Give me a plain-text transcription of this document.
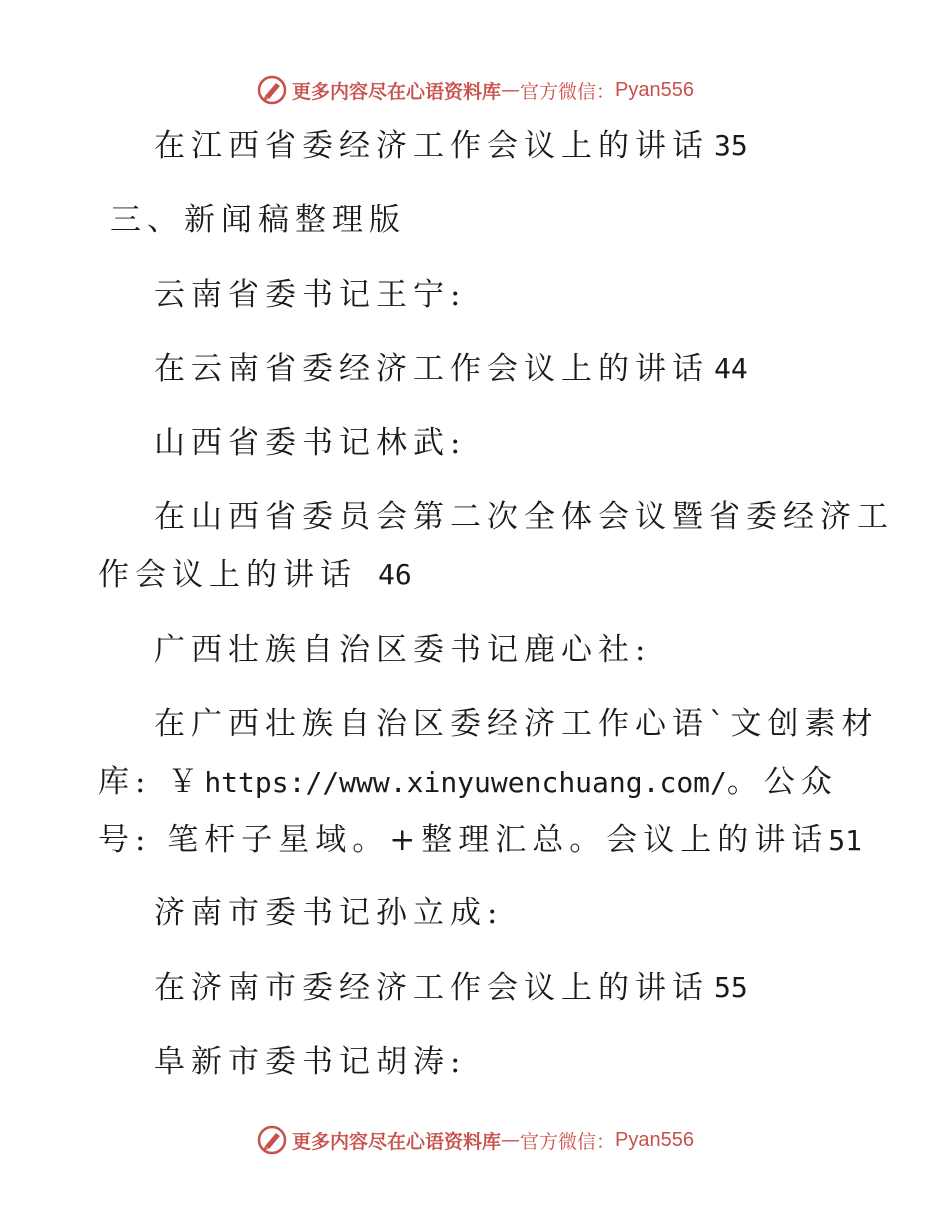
更多内容尽在心语资料库 — 官方微信： Pyan556
在江西省委经济工作会议上的讲话 35
三、新闻稿整理版
云南省委书记王宁:
在云南省委经济工作会议上的讲话 44
山西省委书记林武:
在山西省委员会第二次全体会议暨省委经济工
作会议上的讲话 46
广西壮族自治区委书记鹿心社:
在广西壮族自治区委经济工作心语`文创素材
库: ￥https://www.xinyuwenchuang.com/。公众
号: 笔杆子星域。+整理汇总。会议上的讲话51
济南市委书记孙立成:
在济南市委经济工作会议上的讲话 55
阜新市委书记胡涛:
更多内容尽在心语资料库 — 官方微信： Pyan556
